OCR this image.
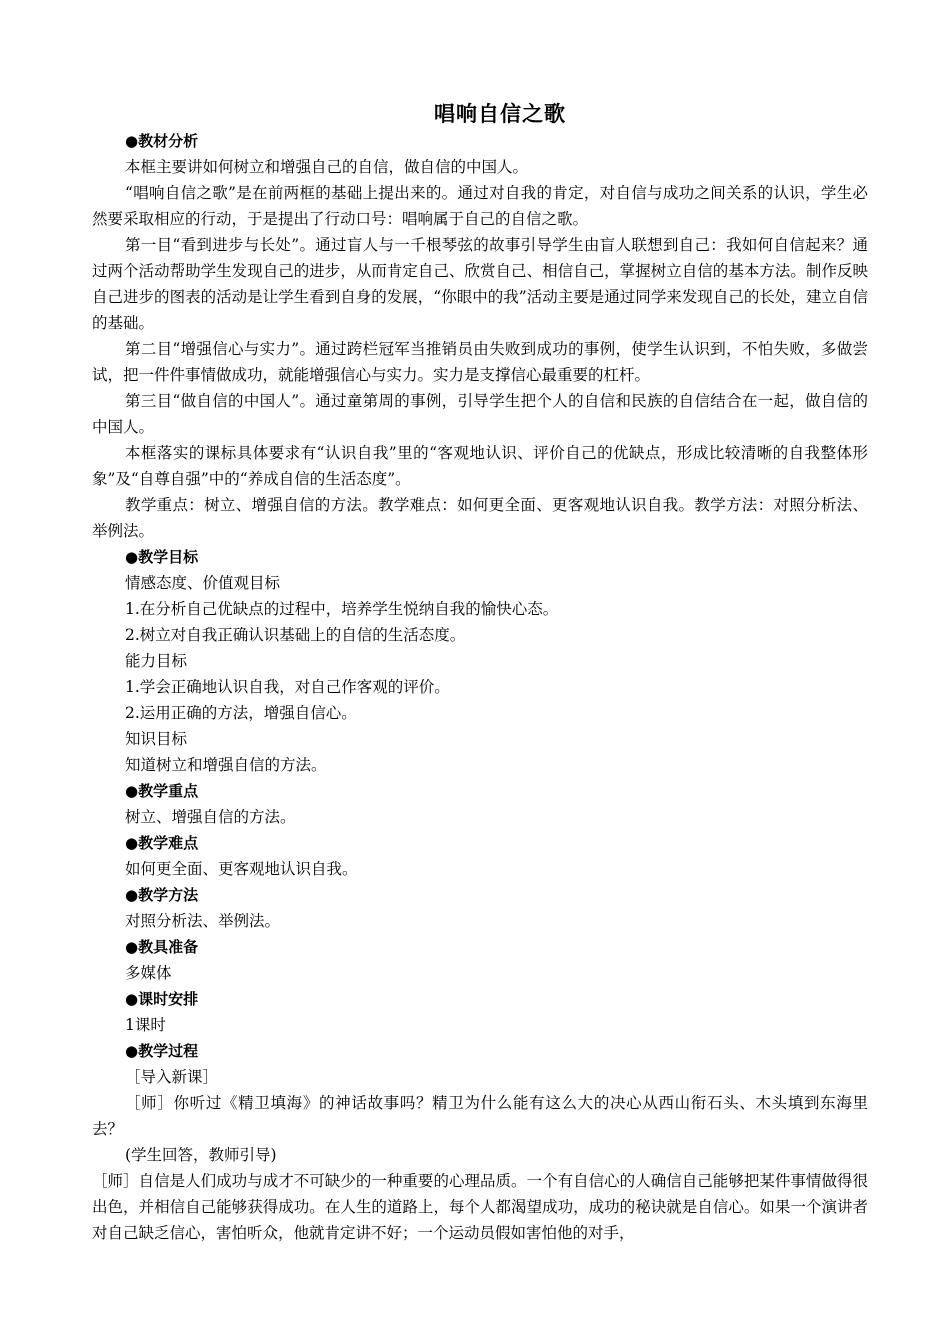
唱响自信之歌

●教材分析

本框主要讲如何树立和增强自己的自信，做自信的中国人。

“唱响自信之歌”是在前两框的基础上提出来的。通过对自我的肯定，对自信与成功之间关系的认识，学生必然要采取相应的行动，于是提出了行动口号：唱响属于自己的自信之歌。

第一目“看到进步与长处”。通过盲人与一千根琴弦的故事引导学生由盲人联想到自己：我如何自信起来？通过两个活动帮助学生发现自己的进步，从而肯定自己、欣赏自己、相信自己，掌握树立自信的基本方法。制作反映自己进步的图表的活动是让学生看到自身的发展，“你眼中的我”活动主要是通过同学来发现自己的长处，建立自信的基础。

第二目“增强信心与实力”。通过跨栏冠军当推销员由失败到成功的事例，使学生认识到，不怕失败，多做尝试，把一件件事情做成功，就能增强信心与实力。实力是支撑信心最重要的杠杆。

第三目“做自信的中国人”。通过童第周的事例，引导学生把个人的自信和民族的自信结合在一起，做自信的中国人。

本框落实的课标具体要求有“认识自我”里的“客观地认识、评价自己的优缺点，形成比较清晰的自我整体形象”及“自尊自强”中的“养成自信的生活态度”。

教学重点：树立、增强自信的方法。教学难点：如何更全面、更客观地认识自我。教学方法：对照分析法、举例法。

●教学目标

情感态度、价值观目标

1.在分析自己优缺点的过程中，培养学生悦纳自我的愉快心态。

2.树立对自我正确认识基础上的自信的生活态度。

能力目标

1.学会正确地认识自我，对自己作客观的评价。

2.运用正确的方法，增强自信心。

知识目标

知道树立和增强自信的方法。

●教学重点

树立、增强自信的方法。

●教学难点

如何更全面、更客观地认识自我。

●教学方法

对照分析法、举例法。

●教具准备

多媒体

●课时安排

1课时

●教学过程

［导入新课］

［师］你听过《精卫填海》的神话故事吗？精卫为什么能有这么大的决心从西山衔石头、木头填到东海里去？

(学生回答，教师引导)

［师］自信是人们成功与成才不可缺少的一种重要的心理品质。一个有自信心的人确信自己能够把某件事情做得很出色，并相信自己能够获得成功。在人生的道路上，每个人都渴望成功，成功的秘诀就是自信心。如果一个演讲者对自己缺乏信心，害怕听众，他就肯定讲不好；一个运动员假如害怕他的对手，
